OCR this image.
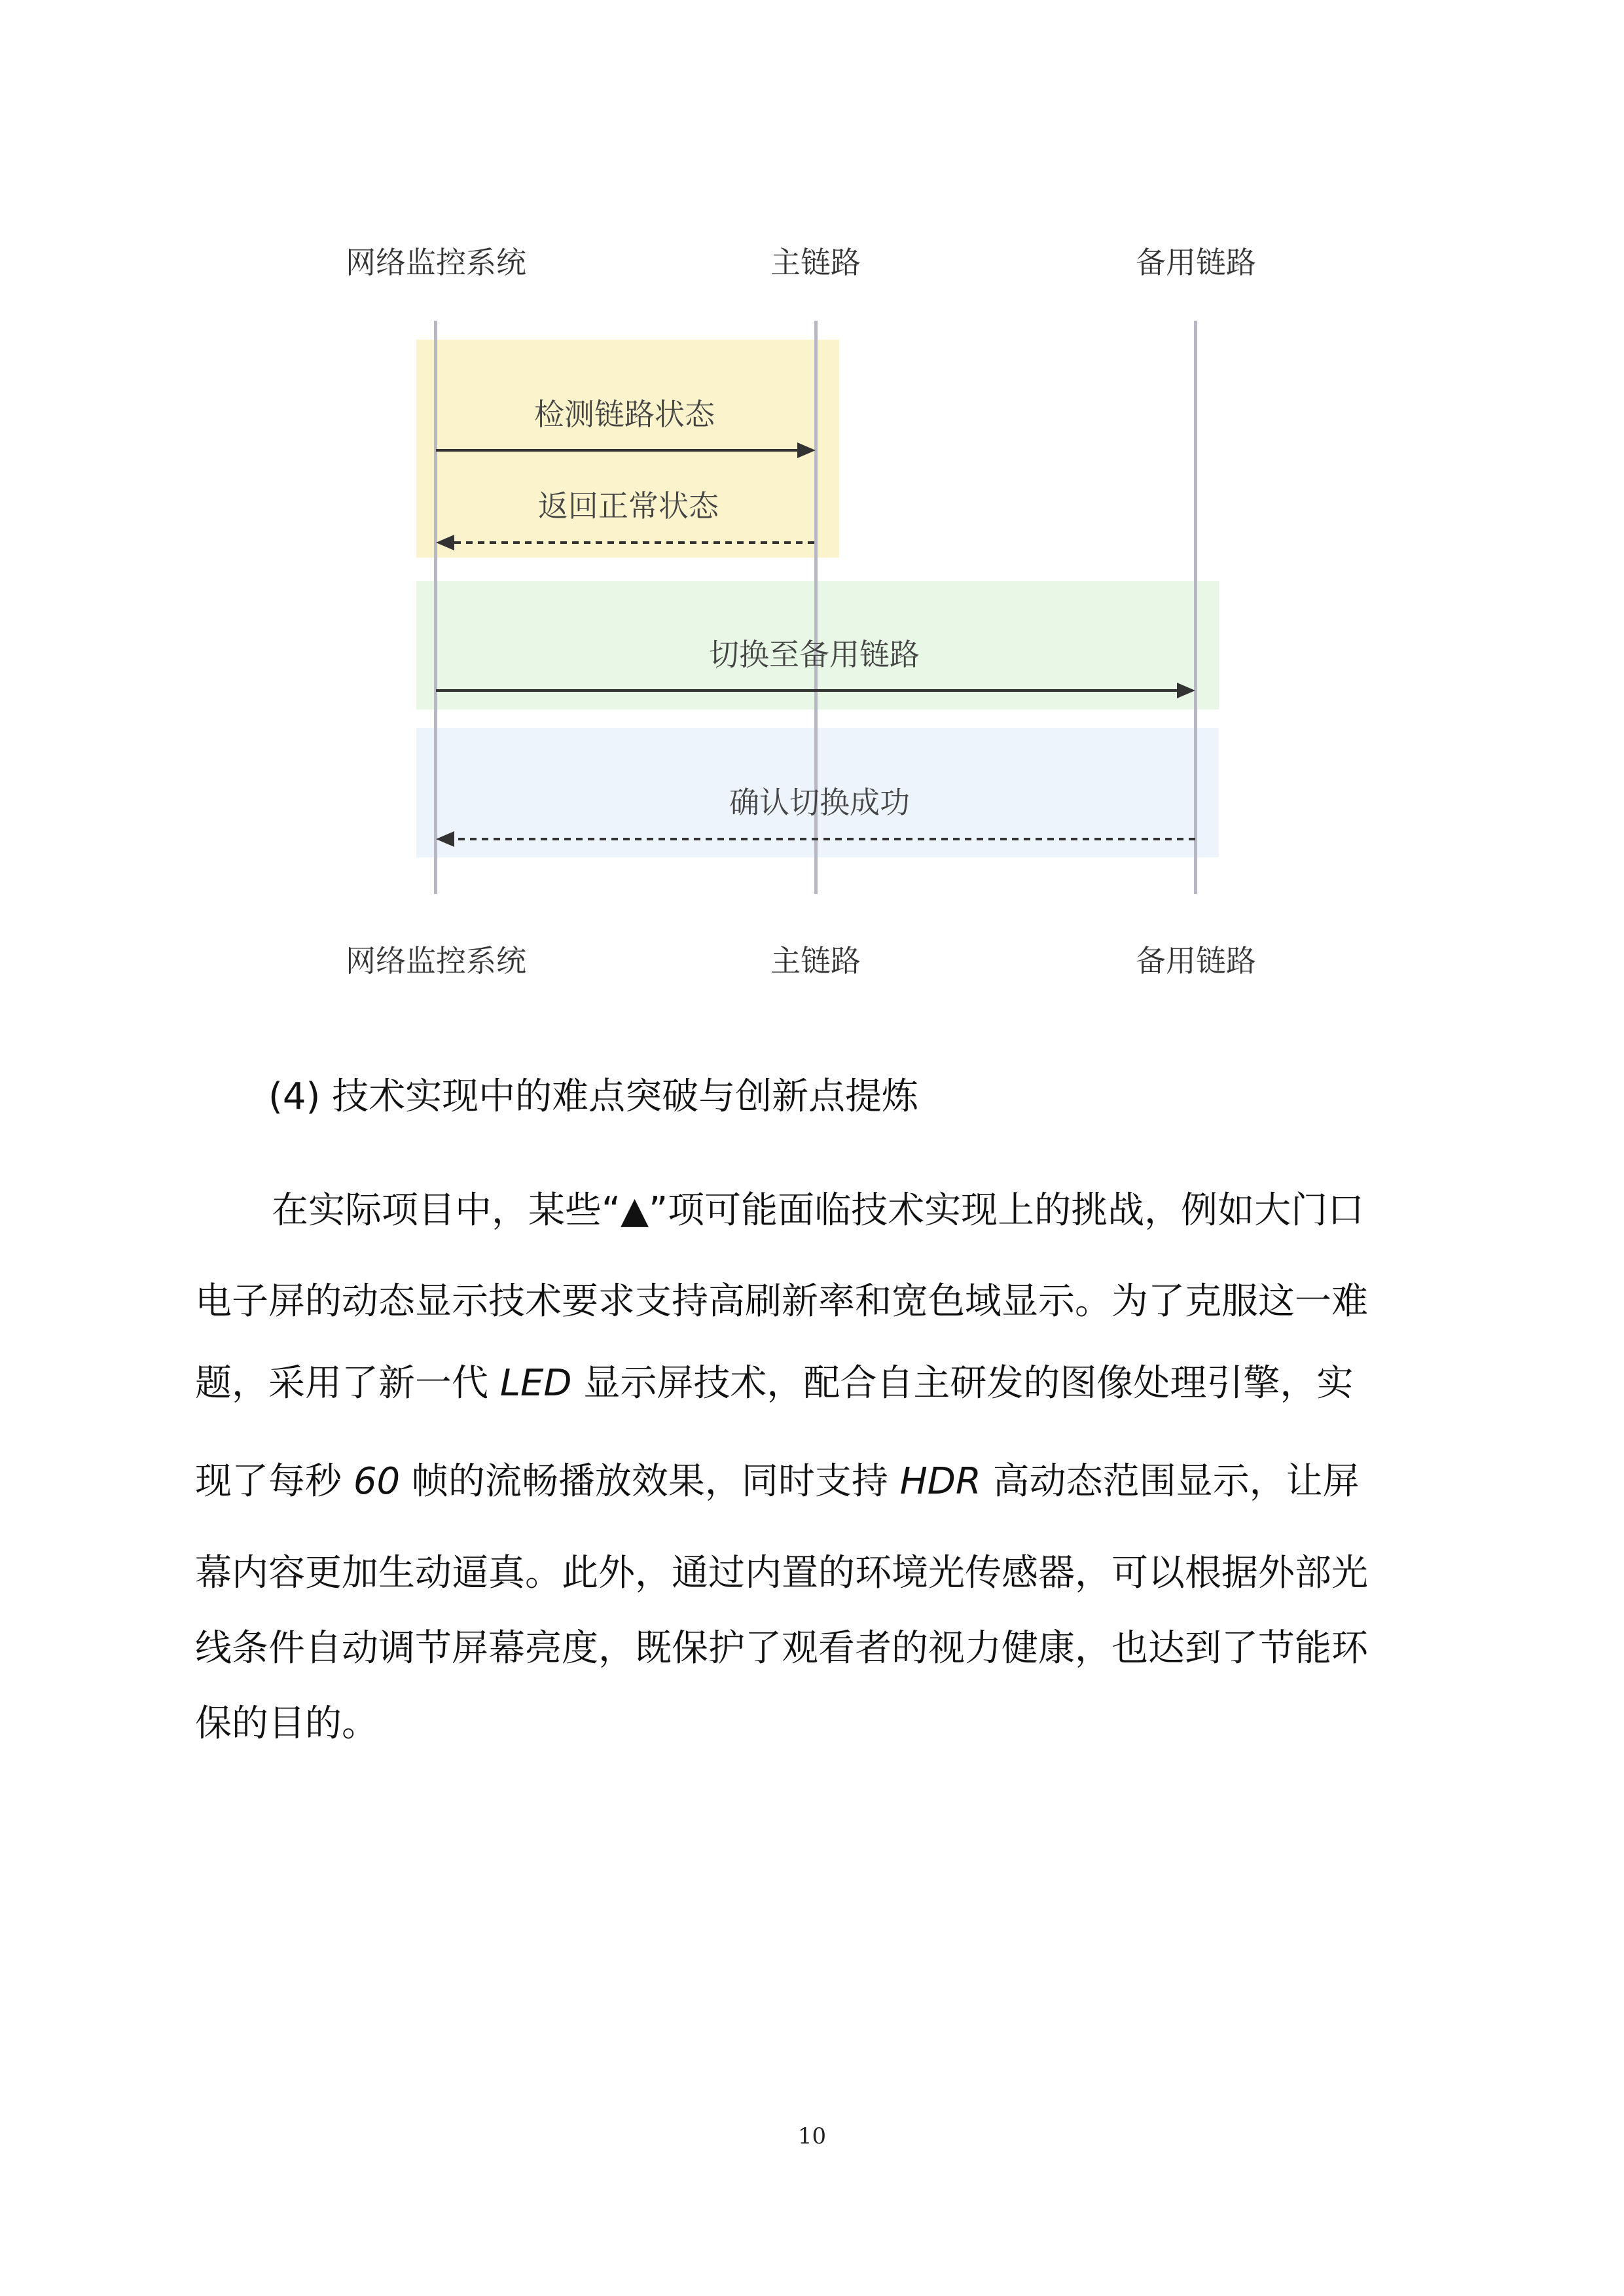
网络监控系统	主链路	备用链路
网络监控系统	主链路	备用链路
检测链路状态
返回正常状态
切换至备用链路
确认切换成功
(4) 技术实现中的难点突破与创新点提炼
在实际项目中，某些“▲”项可能面临技术实现上的挑战，例如大门口
电子屏的动态显示技术要求支持高刷新率和宽色域显示。为了克服这一难
题，采用了新一代 LED 显示屏技术，配合自主研发的图像处理引擎，实
现了每秒 60 帧的流畅播放效果，同时支持 HDR 高动态范围显示，让屏
幕内容更加生动逼真。此外，通过内置的环境光传感器，可以根据外部光
线条件自动调节屏幕亮度，既保护了观看者的视力健康，也达到了节能环
保的目的。
10
